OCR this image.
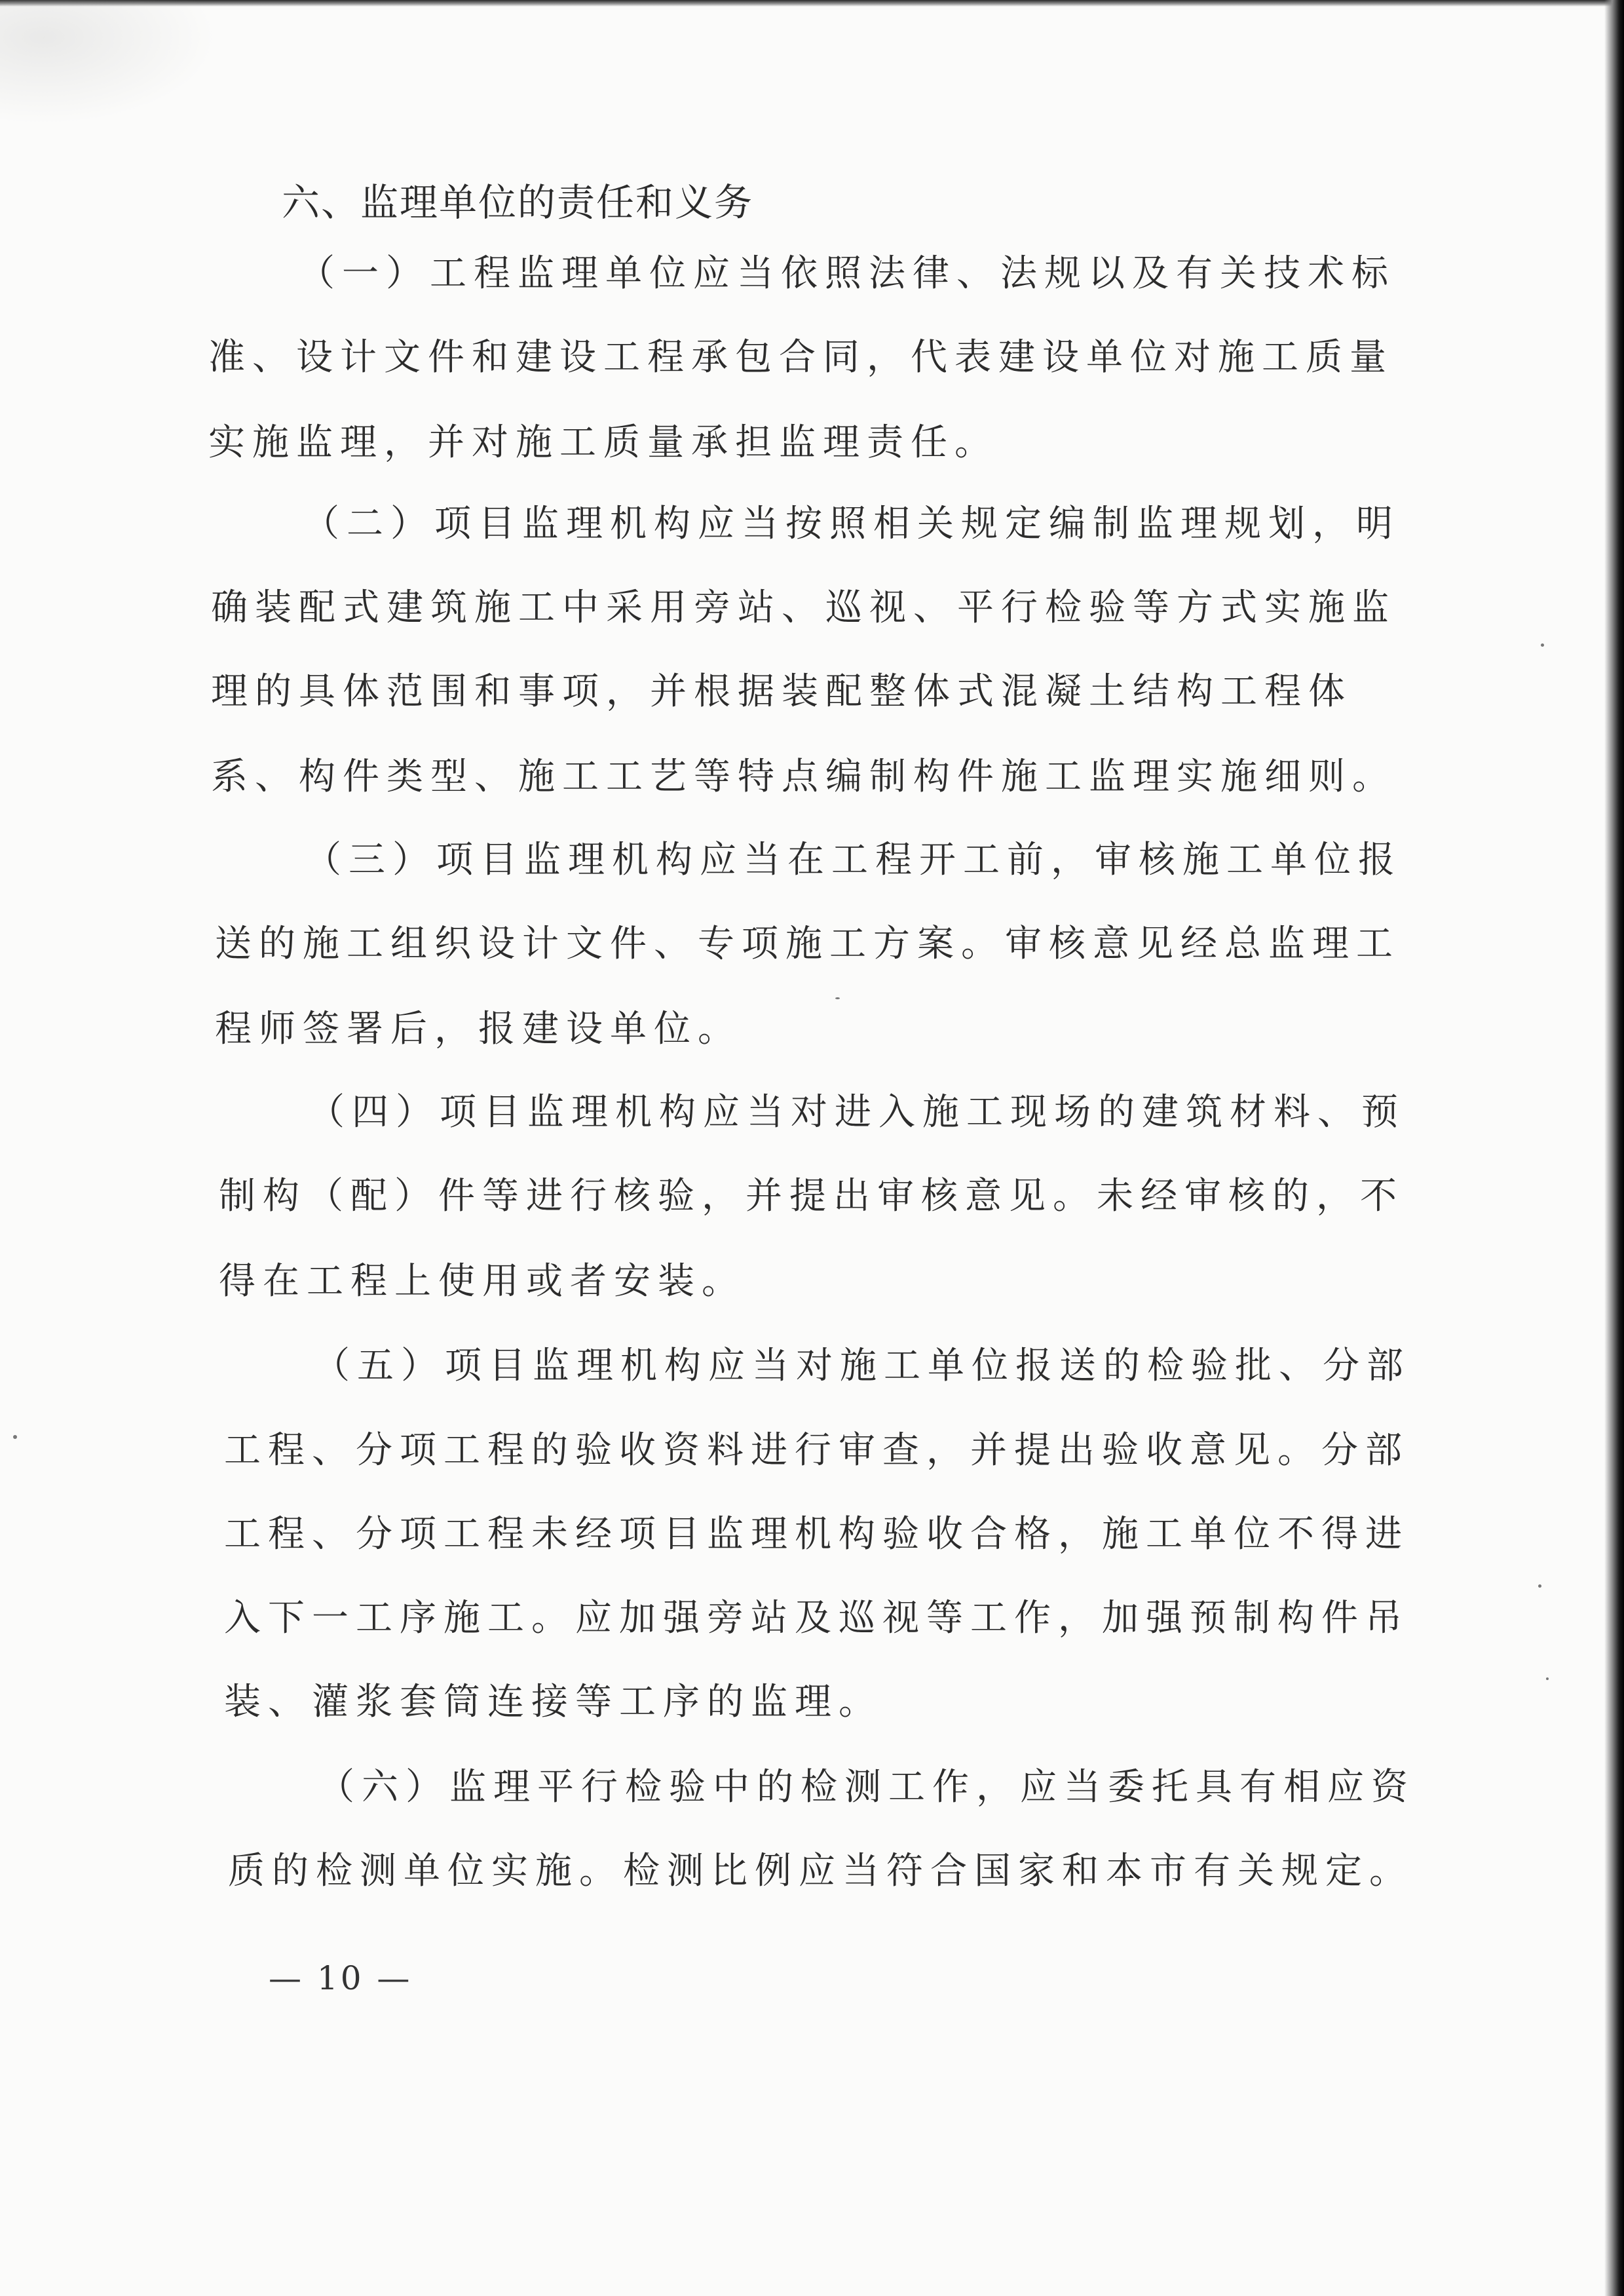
六、监理单位的责任和义务
（一）工程监理单位应当依照法律、法规以及有关技术标
准、设计文件和建设工程承包合同，代表建设单位对施工质量
实施监理，并对施工质量承担监理责任。
（二）项目监理机构应当按照相关规定编制监理规划，明
确装配式建筑施工中采用旁站、巡视、平行检验等方式实施监
理的具体范围和事项，并根据装配整体式混凝土结构工程体
系、构件类型、施工工艺等特点编制构件施工监理实施细则。
（三）项目监理机构应当在工程开工前，审核施工单位报
送的施工组织设计文件、专项施工方案。审核意见经总监理工
程师签署后，报建设单位。
（四）项目监理机构应当对进入施工现场的建筑材料、预
制构（配）件等进行核验，并提出审核意见。未经审核的，不
得在工程上使用或者安装。
（五）项目监理机构应当对施工单位报送的检验批、分部
工程、分项工程的验收资料进行审查，并提出验收意见。分部
工程、分项工程未经项目监理机构验收合格，施工单位不得进
入下一工序施工。应加强旁站及巡视等工作，加强预制构件吊
装、灌浆套筒连接等工序的监理。
（六）监理平行检验中的检测工作，应当委托具有相应资
质的检测单位实施。检测比例应当符合国家和本市有关规定。
— 10 —
